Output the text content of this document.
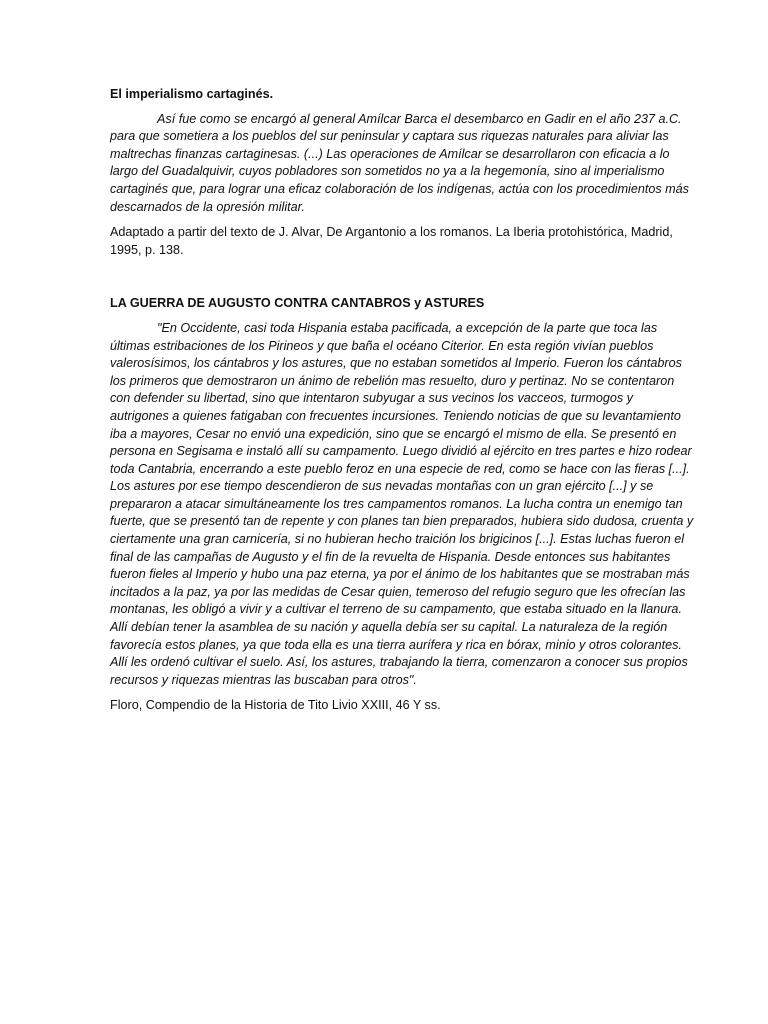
El imperialismo cartaginés.

Así fue como se encargó al general Amílcar Barca el desembarco en Gadir en el año 237 a.C. para que sometiera a los pueblos del sur peninsular y captara sus riquezas naturales para aliviar las maltrechas finanzas cartaginesas. (...) Las operaciones de Amílcar se desarrollaron con eficacia a lo largo del Guadalquivir, cuyos pobladores son sometidos no ya a la hegemonía, sino al imperialismo cartaginés que, para lograr una eficaz colaboración de los indígenas, actúa con los procedimientos más descarnados de la opresión militar.

Adaptado a partir del texto de J. Alvar, De Argantonio a los romanos. La Iberia protohistórica, Madrid, 1995, p. 138.

LA GUERRA DE AUGUSTO CONTRA CANTABROS y ASTURES

"En Occidente, casi toda Hispania estaba pacificada, a excepción de la parte que toca las últimas estribaciones de los Pirineos y que baña el océano Citerior. En esta región vivían pueblos valerosísimos, los cántabros y los astures, que no estaban sometidos al Imperio. Fueron los cántabros los primeros que demostraron un ánimo de rebelión mas resuelto, duro y pertinaz. No se contentaron con defender su libertad, sino que intentaron subyugar a sus vecinos los vacceos, turmogos y autrigones a quienes fatigaban con frecuentes incursiones. Teniendo noticias de que su levantamiento iba a mayores, Cesar no envió una expedición, sino que se encargó el mismo de ella. Se presentó en persona en Segisama e instaló allí su campamento. Luego dividió al ejército en tres partes e hizo rodear toda Cantabria, encerrando a este pueblo feroz en una especie de red, como se hace con las fieras [...]. Los astures por ese tiempo descendieron de sus nevadas montañas con un gran ejército [...] y se prepararon a atacar simultáneamente los tres campamentos romanos. La lucha contra un enemigo tan fuerte, que se presentó tan de repente y con planes tan bien preparados, hubiera sido dudosa, cruenta y ciertamente una gran carnicería, si no hubieran hecho traición los brigicinos [...]. Estas luchas fueron el final de las campañas de Augusto y el fin de la revuelta de Hispania. Desde entonces sus habitantes fueron fieles al Imperio y hubo una paz eterna, ya por el ánimo de los habitantes que se mostraban más incitados a la paz, ya por las medidas de Cesar quien, temeroso del refugio seguro que les ofrecían las montanas, les obligó a vivir y a cultivar el terreno de su campamento, que estaba situado en la llanura. Allí debían tener la asamblea de su nación y aquella debía ser su capital. La naturaleza de la región favorecía estos planes, ya que toda ella es una tierra aurífera y rica en bórax, minio y otros colorantes. Allí les ordenó cultivar el suelo. Así, los astures, trabajando la tierra, comenzaron a conocer sus propios recursos y riquezas mientras las buscaban para otros".

Floro, Compendio de la Historia de Tito Livio XXIII, 46 Y ss.
